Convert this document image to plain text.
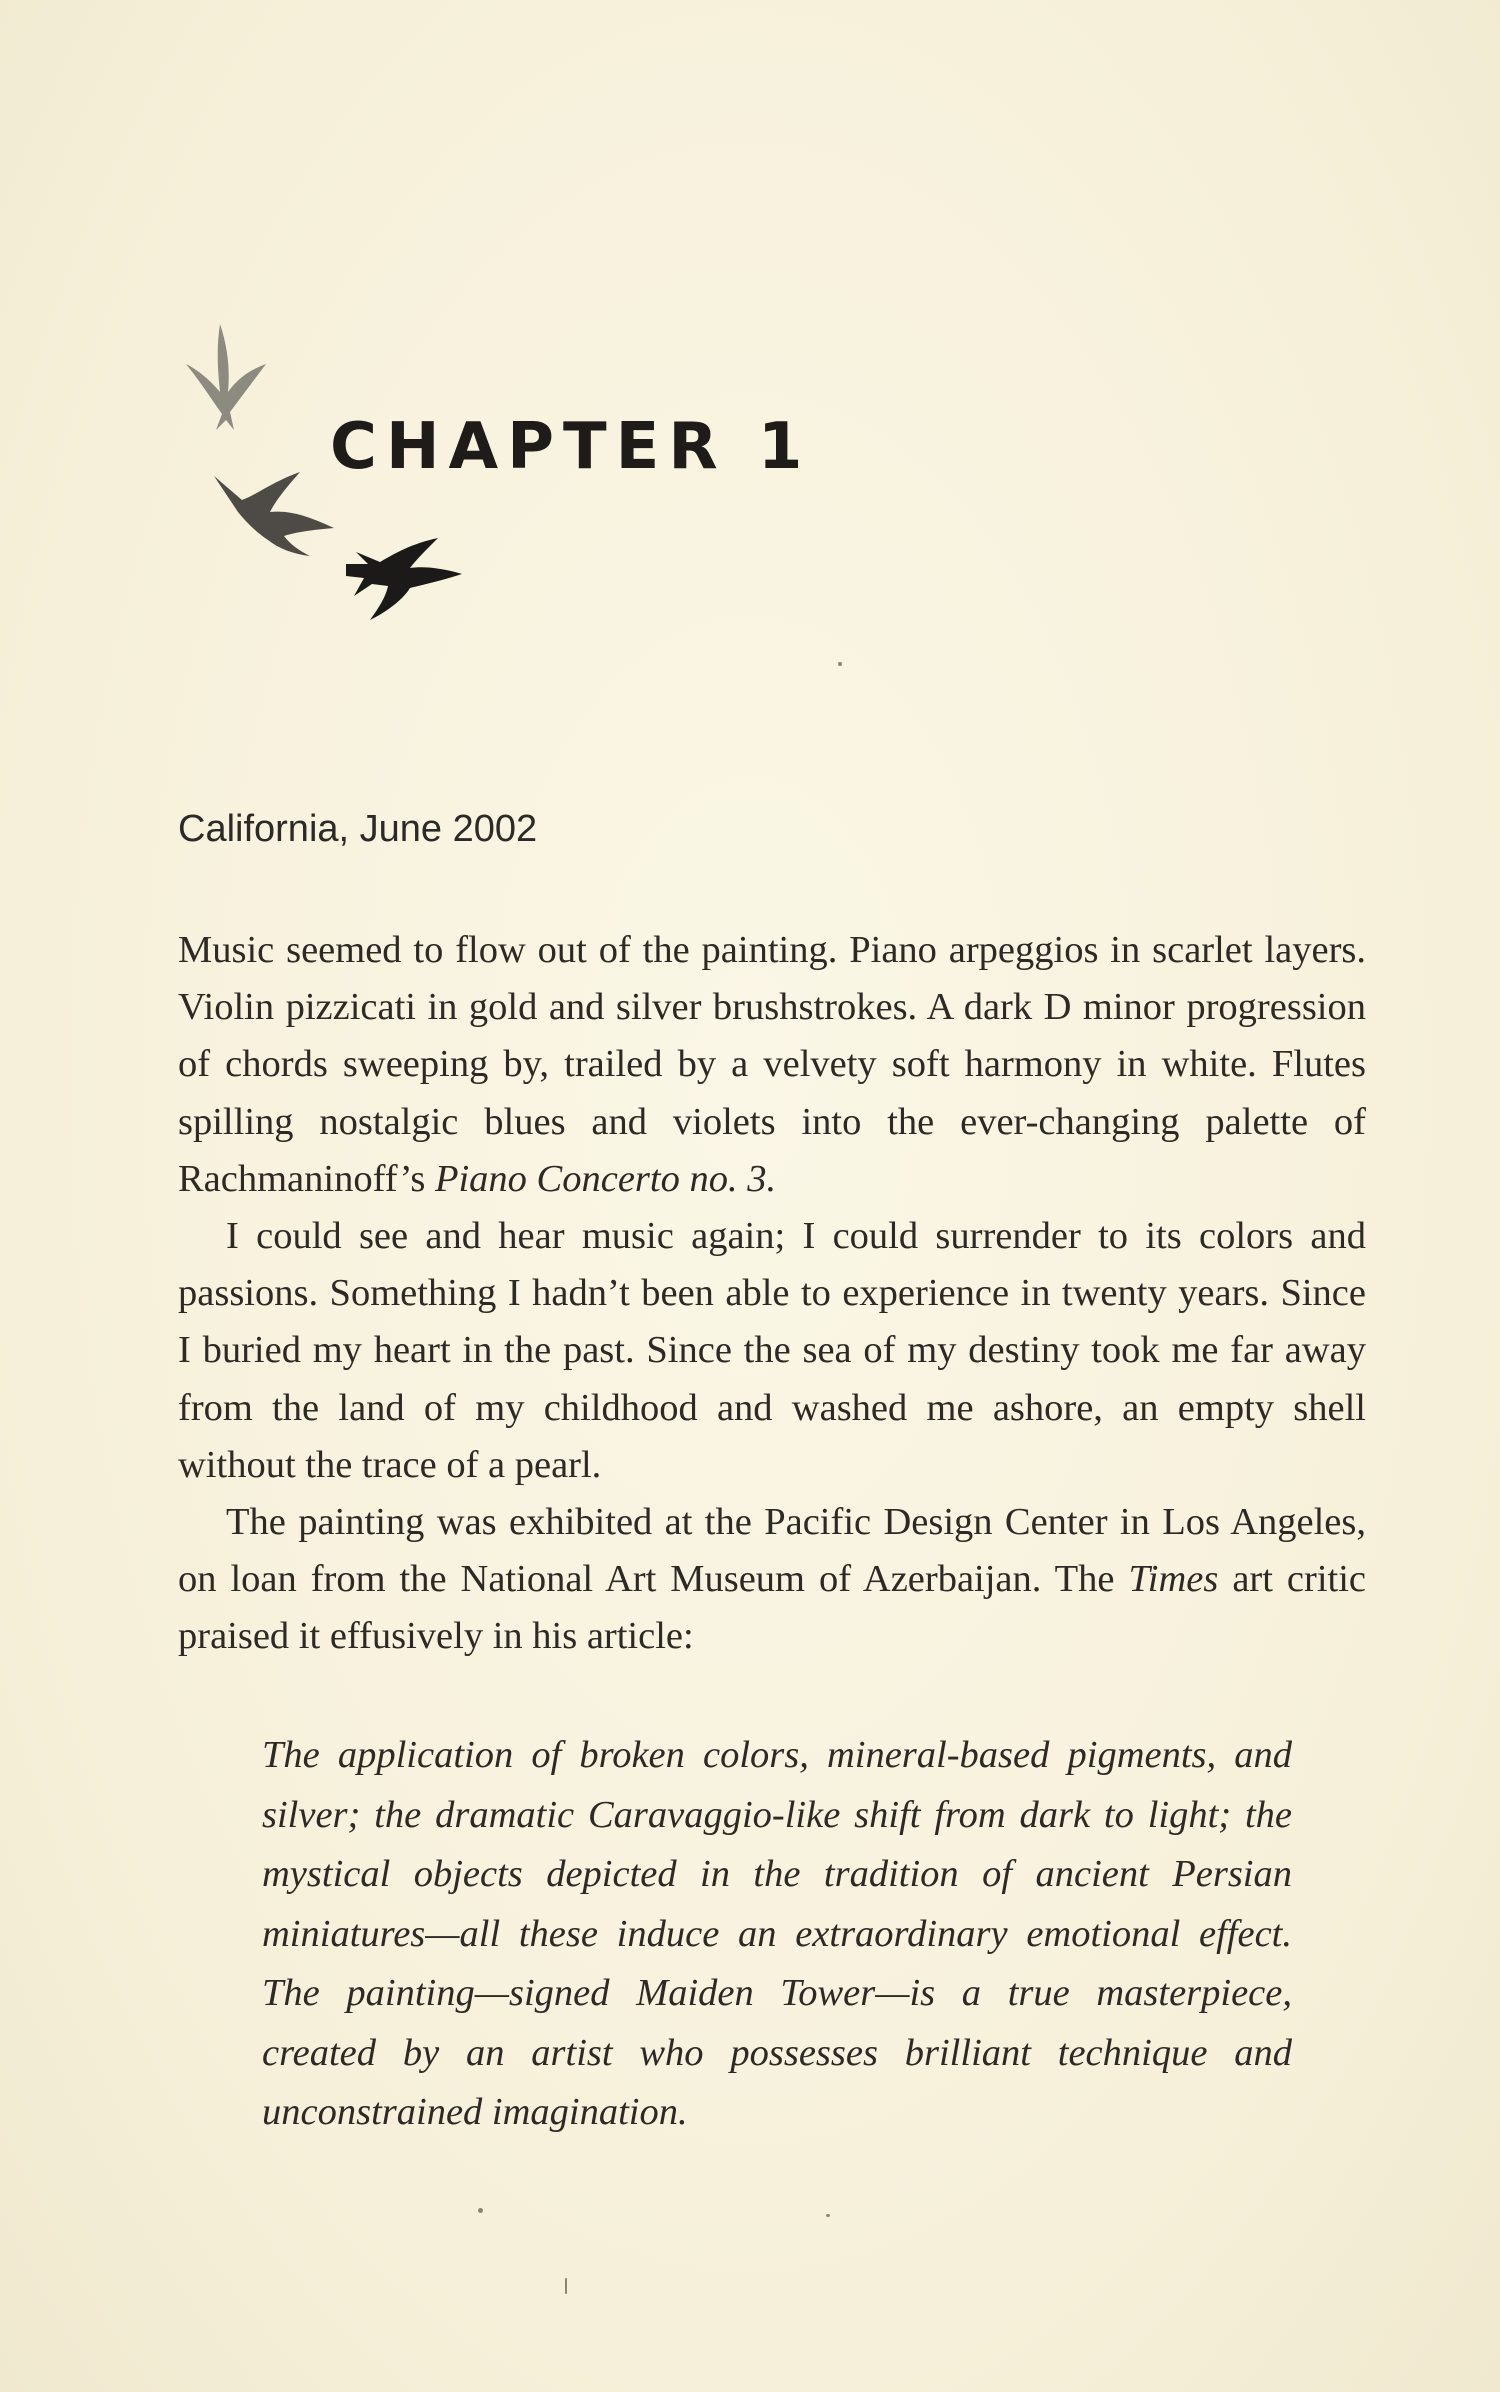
CHAPTER 1

California, June 2002

Music seemed to flow out of the painting. Piano arpeggios in scarlet layers. Violin pizzicati in gold and silver brushstrokes. A dark D minor progression of chords sweeping by, trailed by a velvety soft harmony in white. Flutes spilling nostalgic blues and violets into the ever-changing palette of Rachmaninoff’s Piano Concerto no. 3.

I could see and hear music again; I could surrender to its colors and passions. Something I hadn’t been able to experience in twenty years. Since I buried my heart in the past. Since the sea of my destiny took me far away from the land of my childhood and washed me ashore, an empty shell without the trace of a pearl.

The painting was exhibited at the Pacific Design Center in Los Angeles, on loan from the National Art Museum of Azerbaijan. The Times art critic praised it effusively in his article:

The application of broken colors, mineral-based pigments, and silver; the dramatic Caravaggio-like shift from dark to light; the mystical objects depicted in the tradition of ancient Persian miniatures—all these induce an extraordinary emotional effect. The painting—signed Maiden Tower—is a true masterpiece, created by an artist who possesses brilliant technique and unconstrained imagination.
